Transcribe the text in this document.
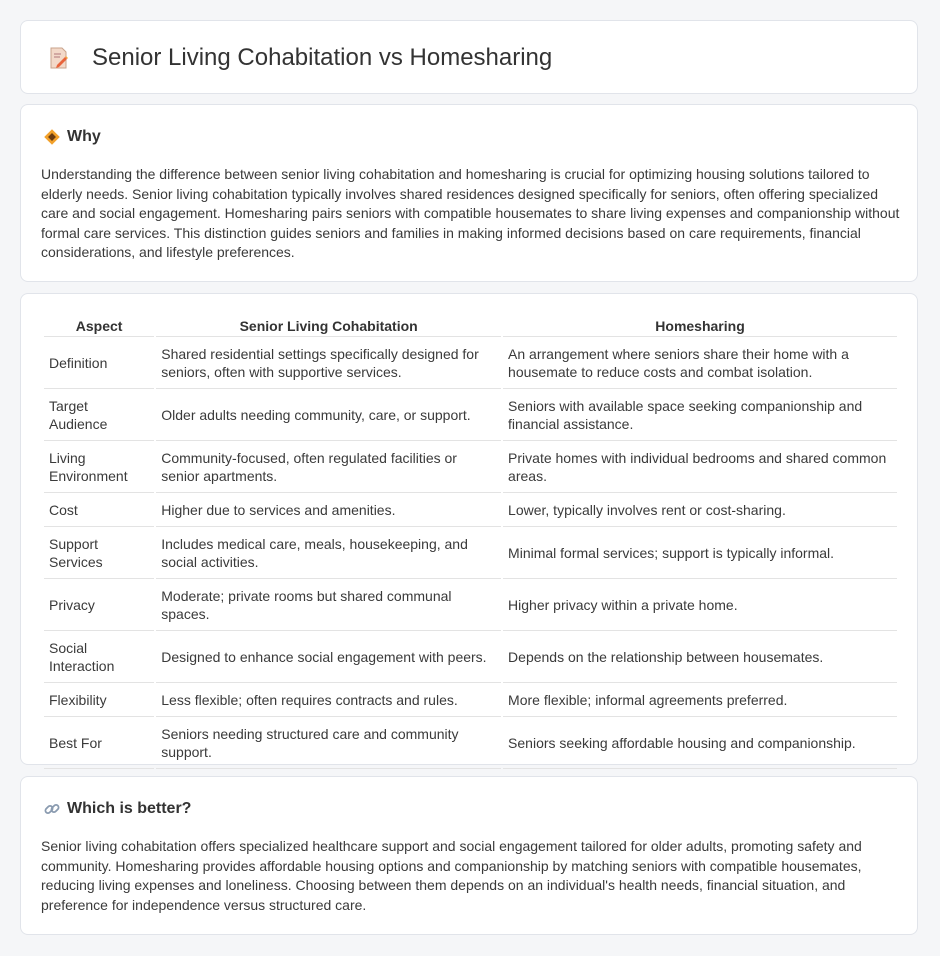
Senior Living Cohabitation vs Homesharing
Why

Understanding the difference between senior living cohabitation and homesharing is crucial for optimizing housing solutions tailored to elderly needs. Senior living cohabitation typically involves shared residences designed specifically for seniors, often offering specialized care and social engagement. Homesharing pairs seniors with compatible housemates to share living expenses and companionship without formal care services. This distinction guides seniors and families in making informed decisions based on care requirements, financial considerations, and lifestyle preferences.

Aspect	Senior Living Cohabitation	Homesharing
Definition	Shared residential settings specifically designed for seniors, often with supportive services.	An arrangement where seniors share their home with a housemate to reduce costs and combat isolation.
Target Audience	Older adults needing community, care, or support.	Seniors with available space seeking companionship and financial assistance.
Living Environment	Community-focused, often regulated facilities or senior apartments.	Private homes with individual bedrooms and shared common areas.
Cost	Higher due to services and amenities.	Lower, typically involves rent or cost-sharing.
Support Services	Includes medical care, meals, housekeeping, and social activities.	Minimal formal services; support is typically informal.
Privacy	Moderate; private rooms but shared communal spaces.	Higher privacy within a private home.
Social Interaction	Designed to enhance social engagement with peers.	Depends on the relationship between housemates.
Flexibility	Less flexible; often requires contracts and rules.	More flexible; informal agreements preferred.
Best For	Seniors needing structured care and community support.	Seniors seeking affordable housing and companionship.
Which is better?

Senior living cohabitation offers specialized healthcare support and social engagement tailored for older adults, promoting safety and community. Homesharing provides affordable housing options and companionship by matching seniors with compatible housemates, reducing living expenses and loneliness. Choosing between them depends on an individual's health needs, financial situation, and preference for independence versus structured care.
